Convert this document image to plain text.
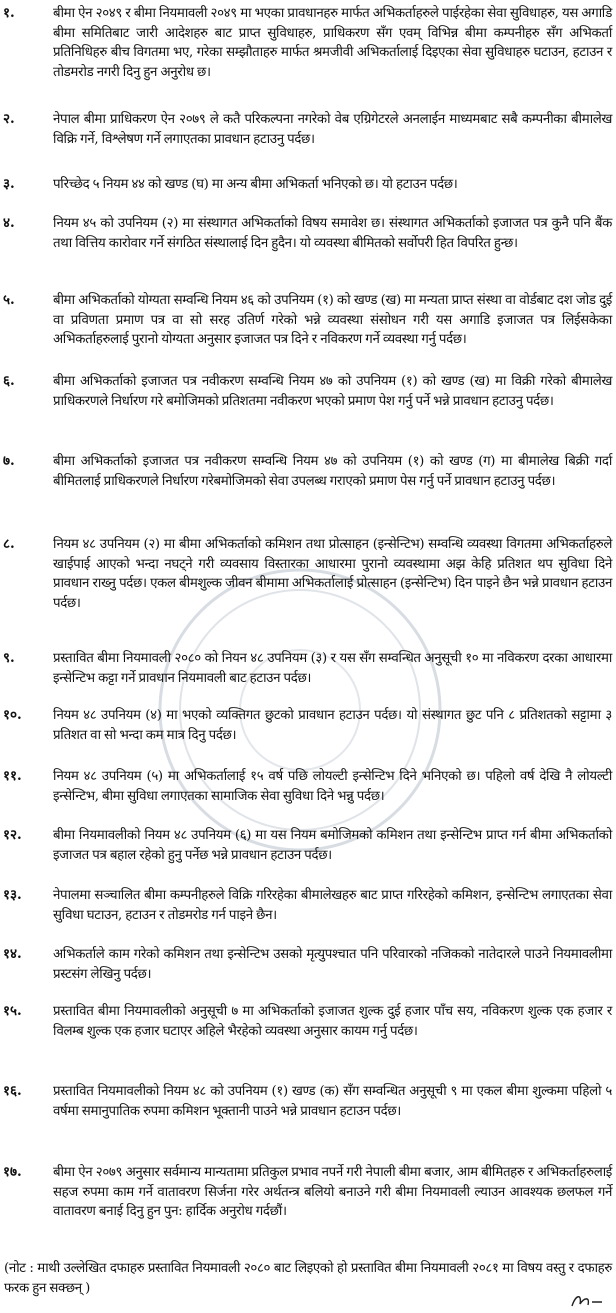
१.	बीमा ऐन २०४९ र बीमा नियमावली २०४९ मा भएका प्रावधानहरु मार्फत अभिकर्ताहरुले पाईरहेका सेवा सुविधाहरु, यस अगाडि बीमा समितिबाट जारी आदेशहरु बाट प्राप्त सुविधाहरु, प्राधिकरण सँग एवम् विभिन्न बीमा कम्पनीहरु सँग अभिकर्ता प्रतिनिधिहरु बीच विगतमा भए, गरेका सम्झौताहरु मार्फत श्रमजीवी अभिकर्तालाई दिइएका सेवा सुविधाहरु घटाउन, हटाउन र तोडमरोड नगरी दिनु हुन अनुरोध छ।
२.	नेपाल बीमा प्राधिकरण ऐन २०७९ ले कतै परिकल्पना नगरेको वेब एग्रिगेटरले अनलाईन माध्यमबाट सबै कम्पनीका बीमालेख विक्रि गर्ने, विश्लेषण गर्ने लगाएतका प्रावधान हटाउनु पर्दछ।
३.	परिच्छेद ५ नियम ४४ को खण्ड (घ) मा अन्य बीमा अभिकर्ता भनिएको छ। यो हटाउन पर्दछ।
४.	नियम ४५ को उपनियम (२) मा संस्थागत अभिकर्ताको विषय समावेश छ। संस्थागत अभिकर्ताको इजाजत पत्र कुनै पनि बैंक तथा वित्तिय कारोवार गर्ने संगठित संस्थालाई दिन हुदैन। यो व्यवस्था बीमितको सर्वोपरी हित विपरित हुन्छ।
५.	बीमा अभिकर्ताको योग्यता सम्वन्धि नियम ४६ को उपनियम (१) को खण्ड (ख) मा मन्यता प्राप्त संस्था वा वोर्डबाट दश जोड दुई वा प्रविणता प्रमाण पत्र वा सो सरह उतिर्ण गरेको भन्ने व्यवस्था संसोधन गरी यस अगाडि इजाजत पत्र लिईसकेका अभिकर्ताहरुलाई पुरानो योग्यता अनुसार इजाजत पत्र दिने र नविकरण गर्ने व्यवस्था गर्नु पर्दछ।
६.	बीमा अभिकर्ताको इजाजत पत्र नवीकरण सम्वन्धि नियम ४७ को उपनियम (१) को खण्ड (ख) मा विक्री गरेको बीमालेख प्राधिकरणले निर्धारण गरे बमोजिमको प्रतिशतमा नवीकरण भएको प्रमाण पेश गर्नु पर्ने भन्ने प्रावधान हटाउनु पर्दछ।
७.	बीमा अभिकर्ताको इजाजत पत्र नवीकरण सम्वन्धि नियम ४७ को उपनियम (१) को खण्ड (ग) मा बीमालेख बिक्री गर्दा बीमितलाई प्राधिकरणले निर्धारण गरेबमोजिमको सेवा उपलब्ध गराएको प्रमाण पेस गर्नु पर्ने प्रावधान हटाउनु पर्दछ।
८.	नियम ४८ उपनियम (२) मा बीमा अभिकर्ताको कमिशन तथा प्रोत्साहन (इन्सेन्टिभ) सम्वन्धि व्यवस्था विगतमा अभिकर्ताहरुले खाईपाई आएको भन्दा नघट्ने गरी व्यवसाय विस्तारका आधारमा पुरानो व्यवस्थामा अझ केहि प्रतिशत थप सुविधा दिने प्रावधान राख्नु पर्दछ। एकल बीमशुल्क जीवन बीमामा अभिकर्तालाई प्रोत्साहन (इन्सेन्टिभ) दिन पाइने छैन भन्ने प्रावधान हटाउन पर्दछ।
९.	प्रस्तावित बीमा नियमावली २०८० को नियन ४८ उपनियम (३) र यस सँग सम्वन्धित अनुसूची १० मा नविकरण दरका आधारमा इन्सेन्टिभ कट्टा गर्ने प्रावधान नियमावली बाट हटाउन पर्दछ।
१०. नियम ४८ उपनियम (४) मा भएको व्यक्तिगत छुटको प्रावधान हटाउन पर्दछ। यो संस्थागत छुट पनि ८ प्रतिशतको सट्टामा ३ प्रतिशत वा सो भन्दा कम मात्र दिनु पर्दछ।
११. नियम ४८ उपनियम (५) मा अभिकर्तालाई १५ वर्ष पछि लोयल्टी इन्सेन्टिभ दिने भनिएको छ। पहिलो वर्ष देखि नै लोयल्टी इन्सेन्टिभ, बीमा सुविधा लगाएतका सामाजिक सेवा सुविधा दिने भन्नु पर्दछ।
१२. बीमा नियमावलीको नियम ४८ उपनियम (६) मा यस नियम बमोजिमको कमिशन तथा इन्सेन्टिभ प्राप्त गर्न बीमा अभिकर्ताको इजाजत पत्र बहाल रहेको हुनु पर्नेछ भन्ने प्रावधान हटाउन पर्दछ।
१३. नेपालमा सञ्चालित बीमा कम्पनीहरुले विक्रि गरिरहेका बीमालेखहरु बाट प्राप्त गरिरहेको कमिशन, इन्सेन्टिभ लगाएतका सेवा सुविधा घटाउन, हटाउन र तोडमरोड गर्न पाइने छैन।
१४. अभिकर्ताले काम गरेको कमिशन तथा इन्सेन्टिभ उसको मृत्युपश्चात पनि परिवारको नजिकको नातेदारले पाउने नियमावलीमा प्रस्टसंग लेखिनु पर्दछ।
१५. प्रस्तावित बीमा नियमावलीको अनुसूची ७ मा अभिकर्ताको इजाजत शुल्क दुई हजार पाँच सय, नविकरण शुल्क एक हजार र विलम्ब शुल्क एक हजार घटाएर अहिले भैरहेको व्यवस्था अनुसार कायम गर्नु पर्दछ।
१६. प्रस्तावित नियमावलीको नियम ४८ को उपनियम (१) खण्ड (क) सँग सम्वन्धित अनुसूची ९ मा एकल बीमा शुल्कमा पहिलो ५ वर्षमा समानुपातिक रुपमा कमिशन भूक्तानी पाउने भन्ने प्रावधान हटाउन पर्दछ।
१७. बीमा ऐन २०७९ अनुसार सर्वमान्य मान्यतामा प्रतिकुल प्रभाव नपर्ने गरी नेपाली बीमा बजार, आम बीमितहरु र अभिकर्ताहरुलाई सहज रुपमा काम गर्ने वातावरण सिर्जना गरेर अर्थतन्त्र बलियो बनाउने गरी बीमा नियमावली ल्याउन आवश्यक छलफल गर्ने वातावरण बनाई दिनु हुन पुन: हार्दिक अनुरोध गर्दछौं।
(नोट : माथी उल्लेखित दफाहरु प्रस्तावित नियमावली २०८० बाट लिइएको हो प्रस्तावित बीमा नियमावली २०८१ मा विषय वस्तु र दफाहरु फरक हुन सक्छन् )
